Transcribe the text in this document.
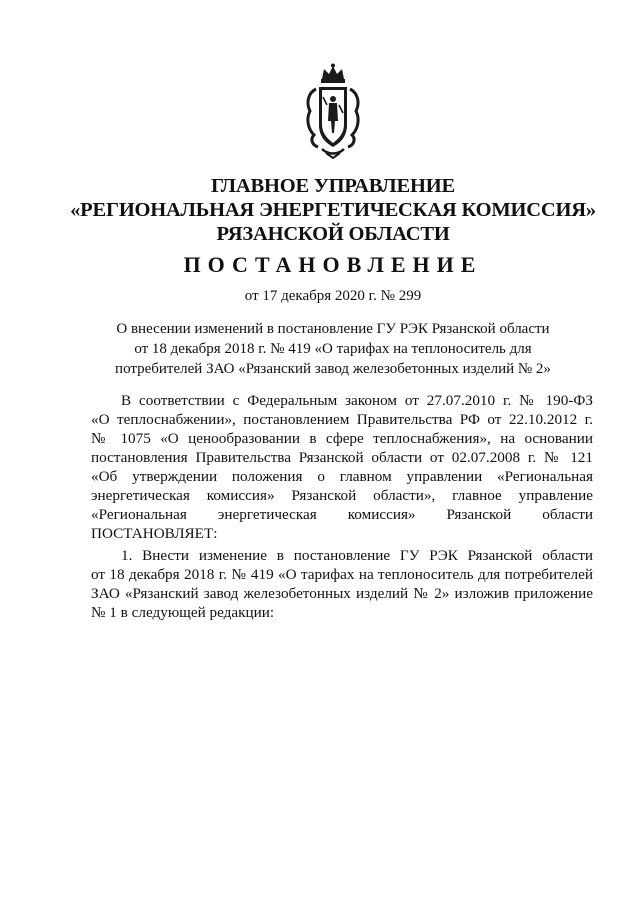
ГЛАВНОЕ УПРАВЛЕНИЕ
«РЕГИОНАЛЬНАЯ ЭНЕРГЕТИЧЕСКАЯ КОМИССИЯ»
РЯЗАНСКОЙ ОБЛАСТИ
ПОСТАНОВЛЕНИЕ
от 17 декабря 2020 г. № 299
О внесении изменений в постановление ГУ РЭК Рязанской области
от 18 декабря 2018 г. № 419 «О тарифах на теплоноситель для
потребителей ЗАО «Рязанский завод железобетонных изделий № 2»
В соответствии с Федеральным законом от 27.07.2010 г. № 190-ФЗ
«О теплоснабжении», постановлением Правительства РФ от 22.10.2012 г.
№ 1075 «О ценообразовании в сфере теплоснабжения», на основании
постановления Правительства Рязанской области от 02.07.2008 г. № 121
«Об утверждении положения о главном управлении «Региональная
энергетическая комиссия» Рязанской области», главное управление
«Региональная энергетическая комиссия» Рязанской области
ПОСТАНОВЛЯЕТ:
1. Внести изменение в постановление ГУ РЭК Рязанской области
от 18 декабря 2018 г. № 419 «О тарифах на теплоноситель для потребителей
ЗАО «Рязанский завод железобетонных изделий № 2» изложив приложение
№ 1 в следующей редакции:
